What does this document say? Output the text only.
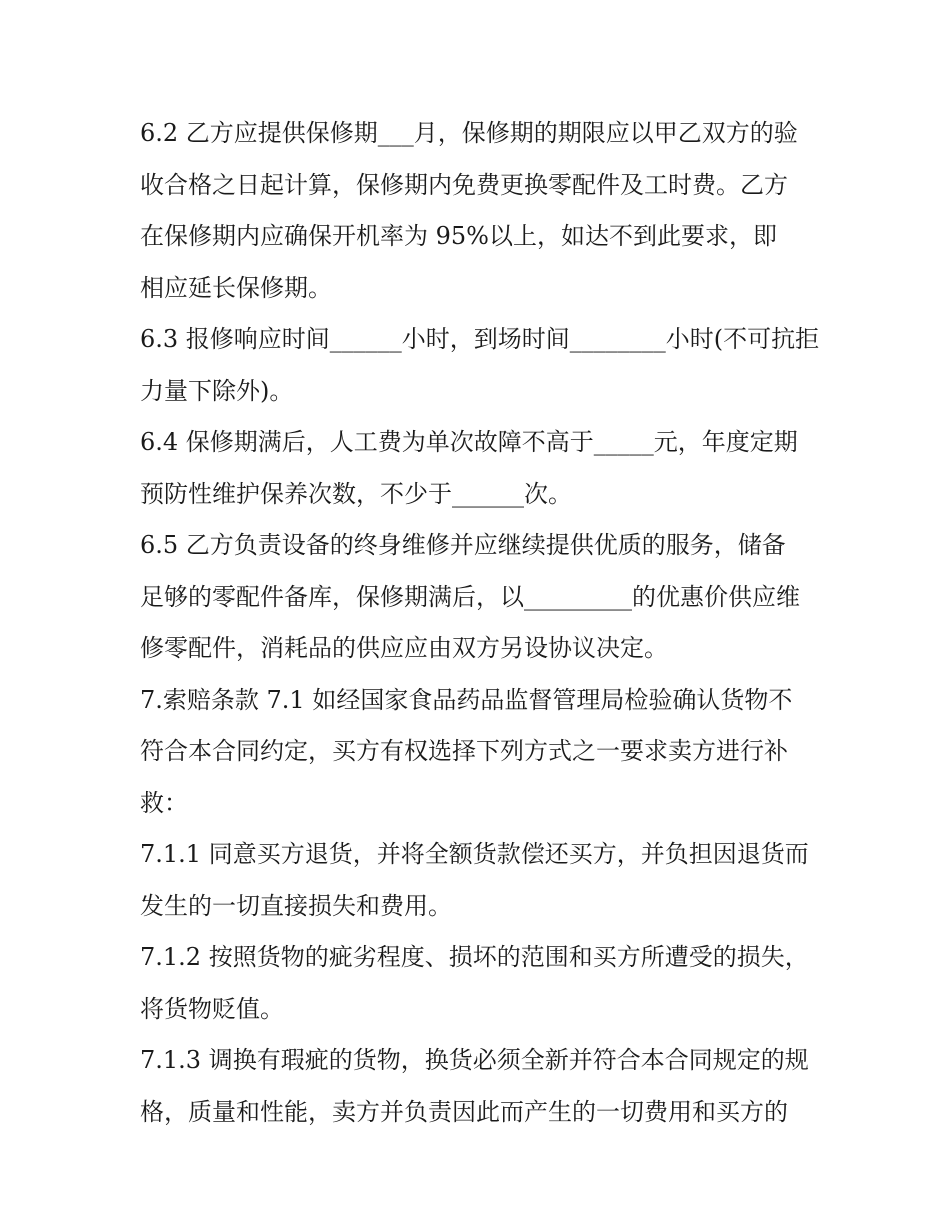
6.2 乙方应提供保修期___月，保修期的期限应以甲乙双方的验
收合格之日起计算，保修期内免费更换零配件及工时费。乙方
在保修期内应确保开机率为 95%以上，如达不到此要求，即
相应延长保修期。
6.3 报修响应时间______小时，到场时间________小时(不可抗拒
力量下除外)。
6.4 保修期满后，人工费为单次故障不高于_____元，年度定期
预防性维护保养次数，不少于______次。
6.5 乙方负责设备的终身维修并应继续提供优质的服务，储备
足够的零配件备库，保修期满后，以_________的优惠价供应维
修零配件，消耗品的供应应由双方另设协议决定。
7.索赔条款 7.1 如经国家食品药品监督管理局检验确认货物不
符合本合同约定，买方有权选择下列方式之一要求卖方进行补
救：
7.1.1 同意买方退货，并将全额货款偿还买方，并负担因退货而
发生的一切直接损失和费用。
7.1.2 按照货物的疵劣程度、损坏的范围和买方所遭受的损失，
将货物贬值。
7.1.3 调换有瑕疵的货物，换货必须全新并符合本合同规定的规
格，质量和性能，卖方并负责因此而产生的一切费用和买方的
